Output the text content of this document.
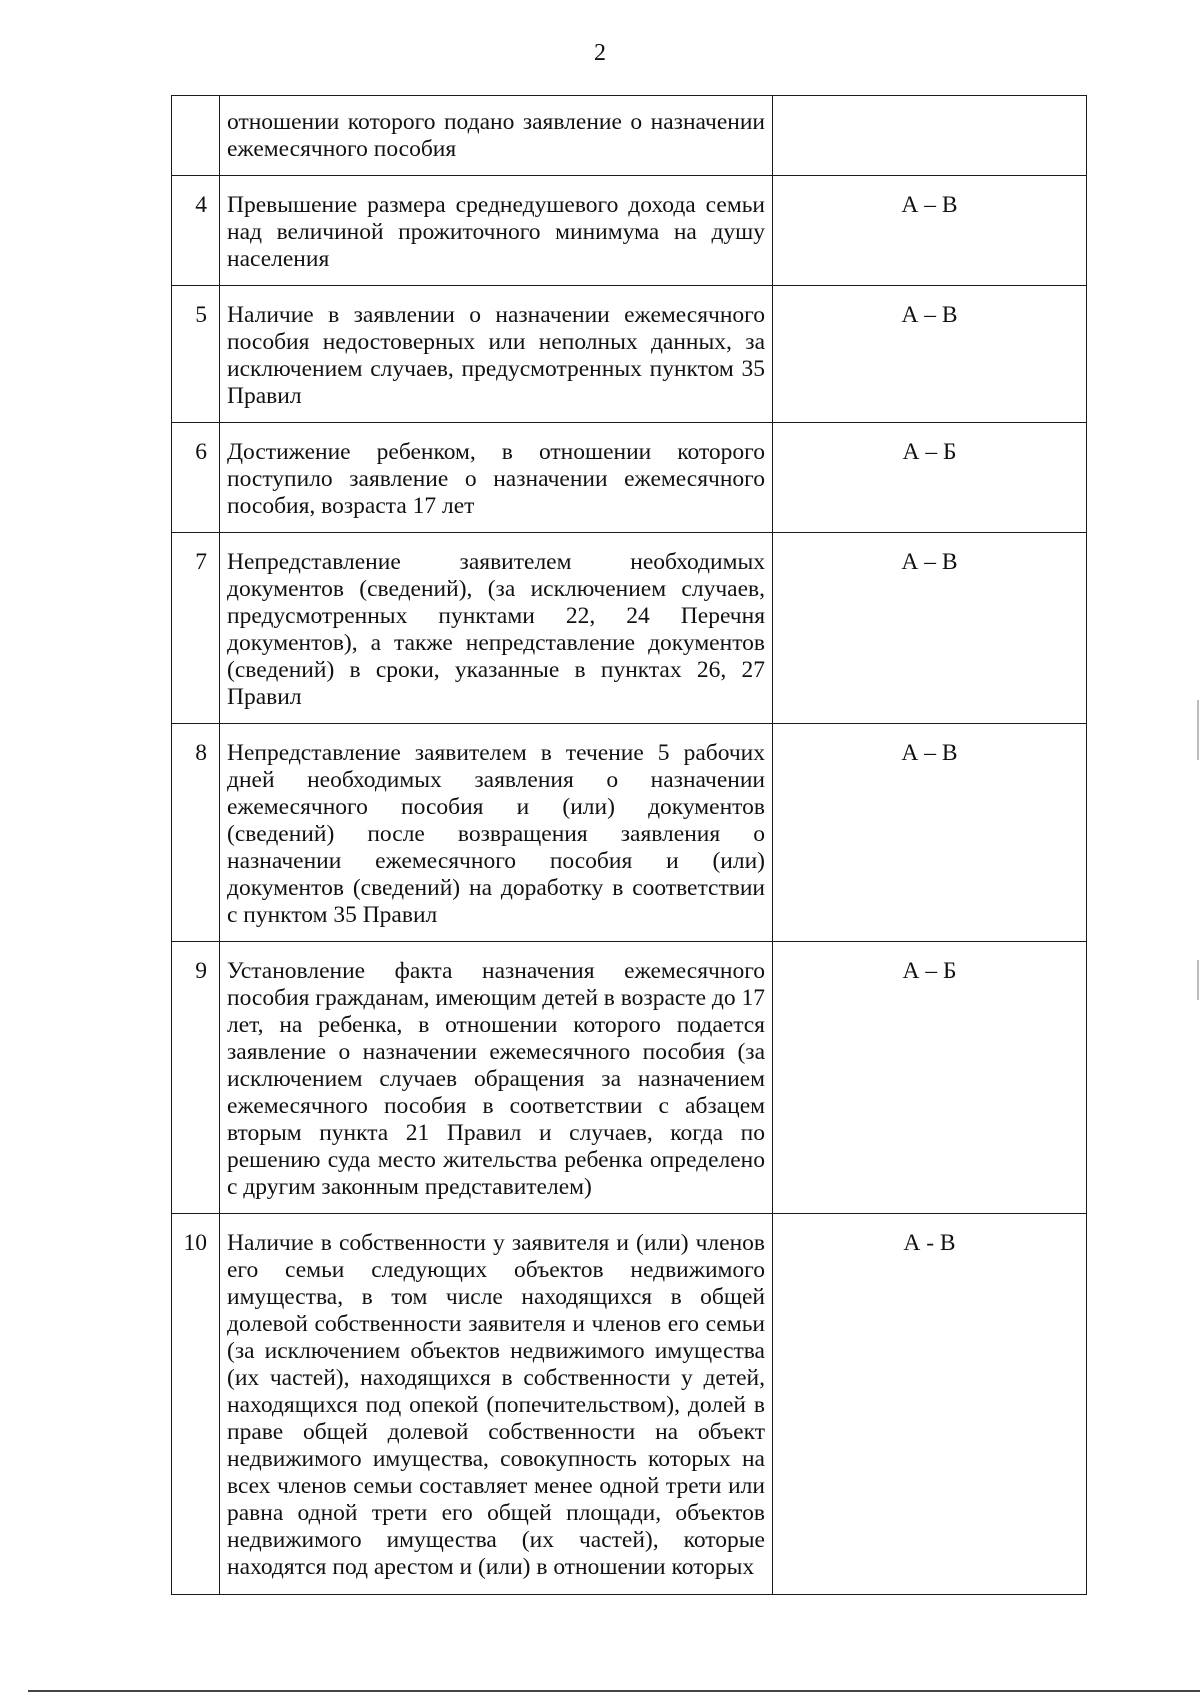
2
	отношении которого подано заявление о назначении ежемесячного пособия	
4	Превышение размера среднедушевого дохода семьи над величиной прожиточного минимума на душу населения	А – В
5	Наличие в заявлении о назначении ежемесячного пособия недостоверных или неполных данных, за исключением случаев, предусмотренных пунктом 35 Правил	А – В
6	Достижение ребенком, в отношении которого поступило заявление о назначении ежемесячного пособия, возраста 17 лет	А – Б
7	Непредставление заявителем необходимых документов (сведений), (за исключением случаев, предусмотренных пунктами 22, 24 Перечня документов), а также непредставление документов (сведений) в сроки, указанные в пунктах 26, 27 Правил	А – В
8	Непредставление заявителем в течение 5 рабочих дней необходимых заявления о назначении ежемесячного пособия и (или) документов (сведений) после возвращения заявления о назначении ежемесячного пособия и (или) документов (сведений) на доработку в соответствии с пунктом 35 Правил	А – В
9	Установление факта назначения ежемесячного пособия гражданам, имеющим детей в возрасте до 17 лет, на ребенка, в отношении которого подается заявление о назначении ежемесячного пособия (за исключением случаев обращения за назначением ежемесячного пособия в соответствии с абзацем вторым пункта 21 Правил и случаев, когда по решению суда место жительства ребенка определено с другим законным представителем)	А – Б
10	Наличие в собственности у заявителя и (или) членов его семьи следующих объектов недвижимого имущества, в том числе находящихся в общей долевой собственности заявителя и членов его семьи (за исключением объектов недвижимого имущества (их частей), находящихся в собственности у детей, находящихся под опекой (попечительством), долей в праве общей долевой собственности на объект недвижимого имущества, совокупность которых на всех членов семьи составляет менее одной трети или равна одной трети его общей площади, объектов недвижимого имущества (их частей), которые находятся под арестом и (или) в отношении которых	А - В
